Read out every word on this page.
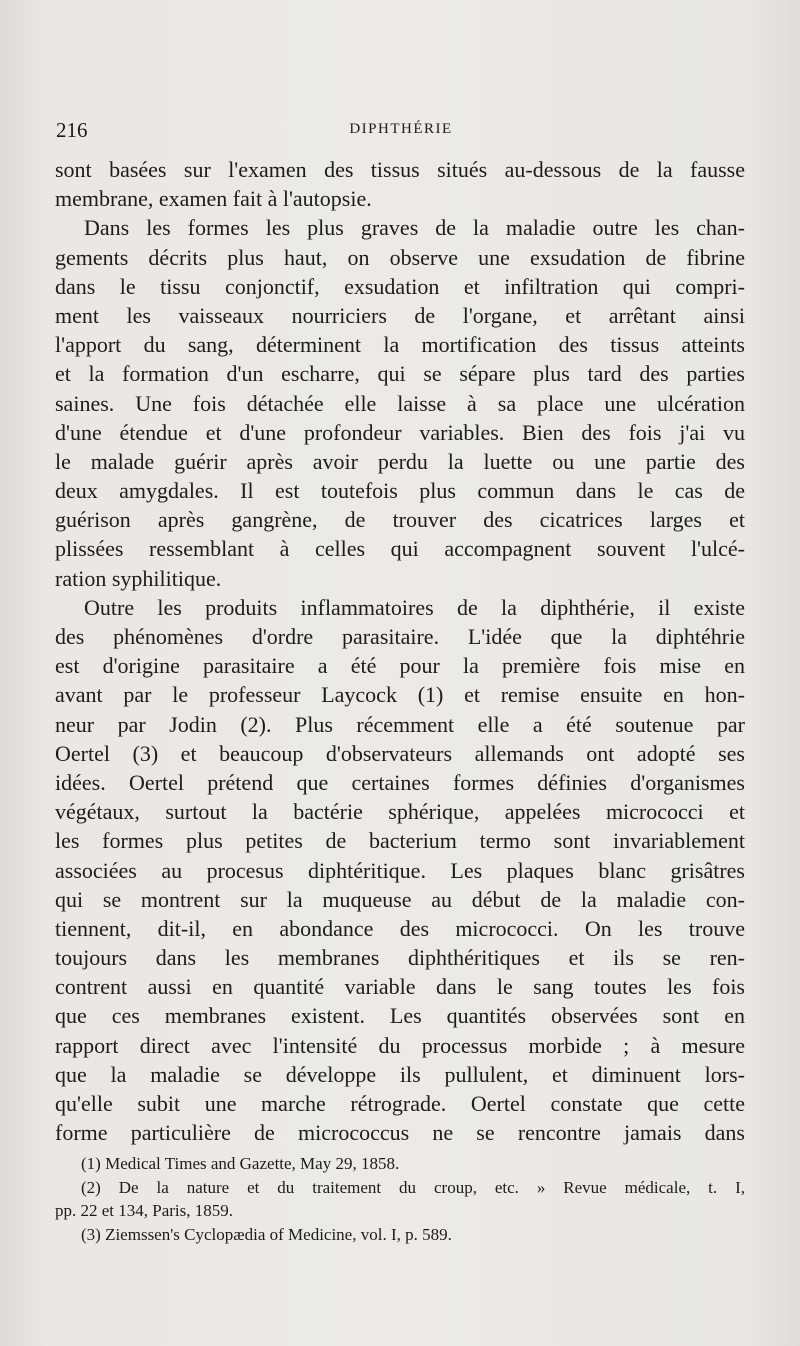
216	DIPHTHÉRIE
sont basées sur l'examen des tissus situés au-dessous de la fausse
membrane, examen fait à l'autopsie.
Dans les formes les plus graves de la maladie outre les chan-
gements décrits plus haut, on observe une exsudation de fibrine
dans le tissu conjonctif, exsudation et infiltration qui compri-
ment les vaisseaux nourriciers de l'organe, et arrêtant ainsi
l'apport du sang, déterminent la mortification des tissus atteints
et la formation d'un escharre, qui se sépare plus tard des parties
saines. Une fois détachée elle laisse à sa place une ulcération
d'une étendue et d'une profondeur variables. Bien des fois j'ai vu
le malade guérir après avoir perdu la luette ou une partie des
deux amygdales. Il est toutefois plus commun dans le cas de
guérison après gangrène, de trouver des cicatrices larges et
plissées ressemblant à celles qui accompagnent souvent l'ulcé-
ration syphilitique.
Outre les produits inflammatoires de la diphthérie, il existe
des phénomènes d'ordre parasitaire. L'idée que la diphtéhrie
est d'origine parasitaire a été pour la première fois mise en
avant par le professeur Laycock (1) et remise ensuite en hon-
neur par Jodin (2). Plus récemment elle a été soutenue par
Oertel (3) et beaucoup d'observateurs allemands ont adopté ses
idées. Oertel prétend que certaines formes définies d'organismes
végétaux, surtout la bactérie sphérique, appelées micrococci et
les formes plus petites de bacterium termo sont invariablement
associées au procesus diphtéritique. Les plaques blanc grisâtres
qui se montrent sur la muqueuse au début de la maladie con-
tiennent, dit-il, en abondance des micrococci. On les trouve
toujours dans les membranes diphthéritiques et ils se ren-
contrent aussi en quantité variable dans le sang toutes les fois
que ces membranes existent. Les quantités observées sont en
rapport direct avec l'intensité du processus morbide ; à mesure
que la maladie se développe ils pullulent, et diminuent lors-
qu'elle subit une marche rétrograde. Oertel constate que cette
forme particulière de micrococcus ne se rencontre jamais dans
(1) Medical Times and Gazette, May 29, 1858.
(2) De la nature et du traitement du croup, etc. » Revue médicale, t. I,
pp. 22 et 134, Paris, 1859.
(3) Ziemssen's Cyclopædia of Medicine, vol. I, p. 589.
